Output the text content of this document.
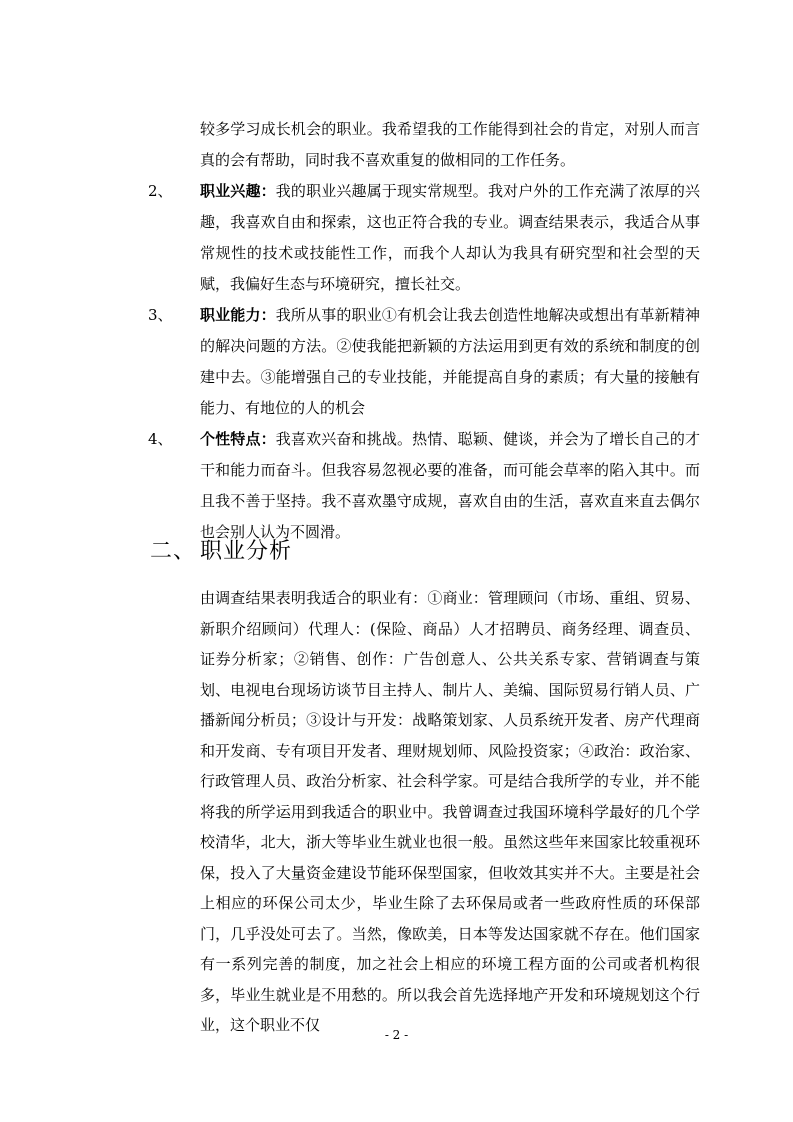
较多学习成长机会的职业。我希望我的工作能得到社会的肯定，对别人而言真的会有帮助，同时我不喜欢重复的做相同的工作任务。
2、 职业兴趣：我的职业兴趣属于现实常规型。我对户外的工作充满了浓厚的兴趣，我喜欢自由和探索，这也正符合我的专业。调查结果表示，我适合从事常规性的技术或技能性工作，而我个人却认为我具有研究型和社会型的天赋，我偏好生态与环境研究，擅长社交。
3、 职业能力：我所从事的职业①有机会让我去创造性地解决或想出有革新精神的解决问题的方法。②使我能把新颖的方法运用到更有效的系统和制度的创建中去。③能增强自己的专业技能，并能提高自身的素质；有大量的接触有能力、有地位的人的机会
4、 个性特点：我喜欢兴奋和挑战。热情、聪颖、健谈，并会为了增长自己的才干和能力而奋斗。但我容易忽视必要的准备，而可能会草率的陷入其中。而且我不善于坚持。我不喜欢墨守成规，喜欢自由的生活，喜欢直来直去偶尔也会别人认为不圆滑。
二、 职业分析
由调查结果表明我适合的职业有：①商业：管理顾问（市场、重组、贸易、新职介绍顾问）代理人：(保险、商品）人才招聘员、商务经理、调查员、证券分析家；②销售、创作：广告创意人、公共关系专家、营销调查与策划、电视电台现场访谈节目主持人、制片人、美编、国际贸易行销人员、广播新闻分析员；③设计与开发：战略策划家、人员系统开发者、房产代理商和开发商、专有项目开发者、理财规划师、风险投资家；④政治：政治家、行政管理人员、政治分析家、社会科学家。可是结合我所学的专业，并不能将我的所学运用到我适合的职业中。我曾调查过我国环境科学最好的几个学校清华，北大，浙大等毕业生就业也很一般。虽然这些年来国家比较重视环保，投入了大量资金建设节能环保型国家，但收效其实并不大。主要是社会上相应的环保公司太少，毕业生除了去环保局或者一些政府性质的环保部门，几乎没处可去了。当然，像欧美，日本等发达国家就不存在。他们国家有一系列完善的制度，加之社会上相应的环境工程方面的公司或者机构很多，毕业生就业是不用愁的。所以我会首先选择地产开发和环境规划这个行业，这个职业不仅
- 2 -
